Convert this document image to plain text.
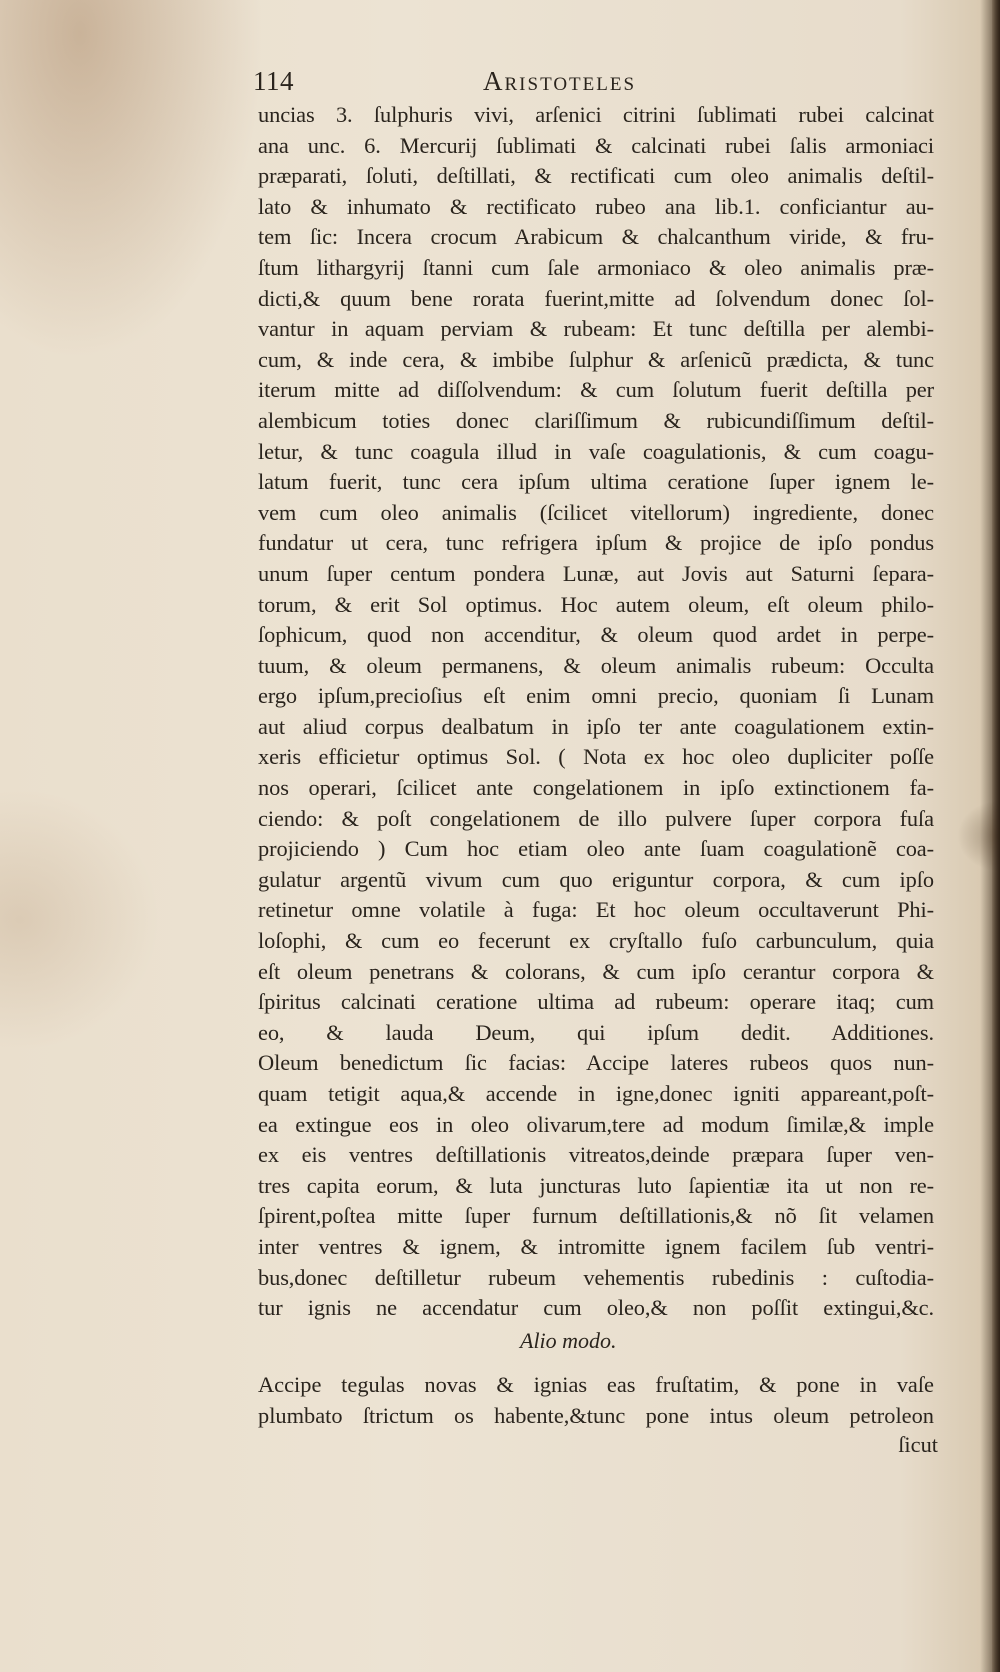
114	Aristoteles
uncias 3. ſulphuris vivi, arſenici citrini ſublimati rubei calcinat
ana unc. 6. Mercurij ſublimati & calcinati rubei ſalis armoniaci
præparati, ſoluti, deſtillati, & rectificati cum oleo animalis deſtil-
lato & inhumato & rectificato rubeo ana lib.1. conficiantur au-
tem ſic: Incera crocum Arabicum & chalcanthum viride, & fru-
ſtum lithargyrij ſtanni cum ſale armoniaco & oleo animalis præ-
dicti,& quum bene rorata fuerint,mitte ad ſolvendum donec ſol-
vantur in aquam perviam & rubeam: Et tunc deſtilla per alembi-
cum, & inde cera, & imbibe ſulphur & arſenicũ prædicta, & tunc
iterum mitte ad diſſolvendum: & cum ſolutum fuerit deſtilla per
alembicum toties donec clariſſimum & rubicundiſſimum deſtil-
letur, & tunc coagula illud in vaſe coagulationis, & cum coagu-
latum fuerit, tunc cera ipſum ultima ceratione ſuper ignem le-
vem cum oleo animalis (ſcilicet vitellorum) ingrediente, donec
fundatur ut cera, tunc refrigera ipſum & projice de ipſo pondus
unum ſuper centum pondera Lunæ, aut Jovis aut Saturni ſepara-
torum, & erit Sol optimus. Hoc autem oleum, eſt oleum philo-
ſophicum, quod non accenditur, & oleum quod ardet in perpe-
tuum, & oleum permanens, & oleum animalis rubeum: Occulta
ergo ipſum,precioſius eſt enim omni precio, quoniam ſi Lunam
aut aliud corpus dealbatum in ipſo ter ante coagulationem extin-
xeris efficietur optimus Sol. ( Nota ex hoc oleo dupliciter poſſe
nos operari, ſcilicet ante congelationem in ipſo extinctionem fa-
ciendo: & poſt congelationem de illo pulvere ſuper corpora fuſa
projiciendo ) Cum hoc etiam oleo ante ſuam coagulationẽ coa-
gulatur argentũ vivum cum quo eriguntur corpora, & cum ipſo
retinetur omne volatile à fuga: Et hoc oleum occultaverunt Phi-
loſophi, & cum eo fecerunt ex cryſtallo fuſo carbunculum, quia
eſt oleum penetrans & colorans, & cum ipſo cerantur corpora &
ſpiritus calcinati ceratione ultima ad rubeum: operare itaq; cum
eo, & lauda Deum, qui ipſum dedit. Additiones.
Oleum benedictum ſic facias: Accipe lateres rubeos quos nun-
quam tetigit aqua,& accende in igne,donec igniti appareant,poſt-
ea extingue eos in oleo olivarum,tere ad modum ſimilæ,& imple
ex eis ventres deſtillationis vitreatos,deinde præpara ſuper ven-
tres capita eorum, & luta juncturas luto ſapientiæ ita ut non re-
ſpirent,poſtea mitte ſuper furnum deſtillationis,& nõ ſit velamen
inter ventres & ignem, & intromitte ignem facilem ſub ventri-
bus,donec deſtilletur rubeum vehementis rubedinis : cuſtodia-
tur ignis ne accendatur cum oleo,& non poſſit extingui,&c.
Alio modo.
Accipe tegulas novas & ignias eas fruſtatim, & pone in vaſe
plumbato ſtrictum os habente,&tunc pone intus oleum petroleon
ſicut
